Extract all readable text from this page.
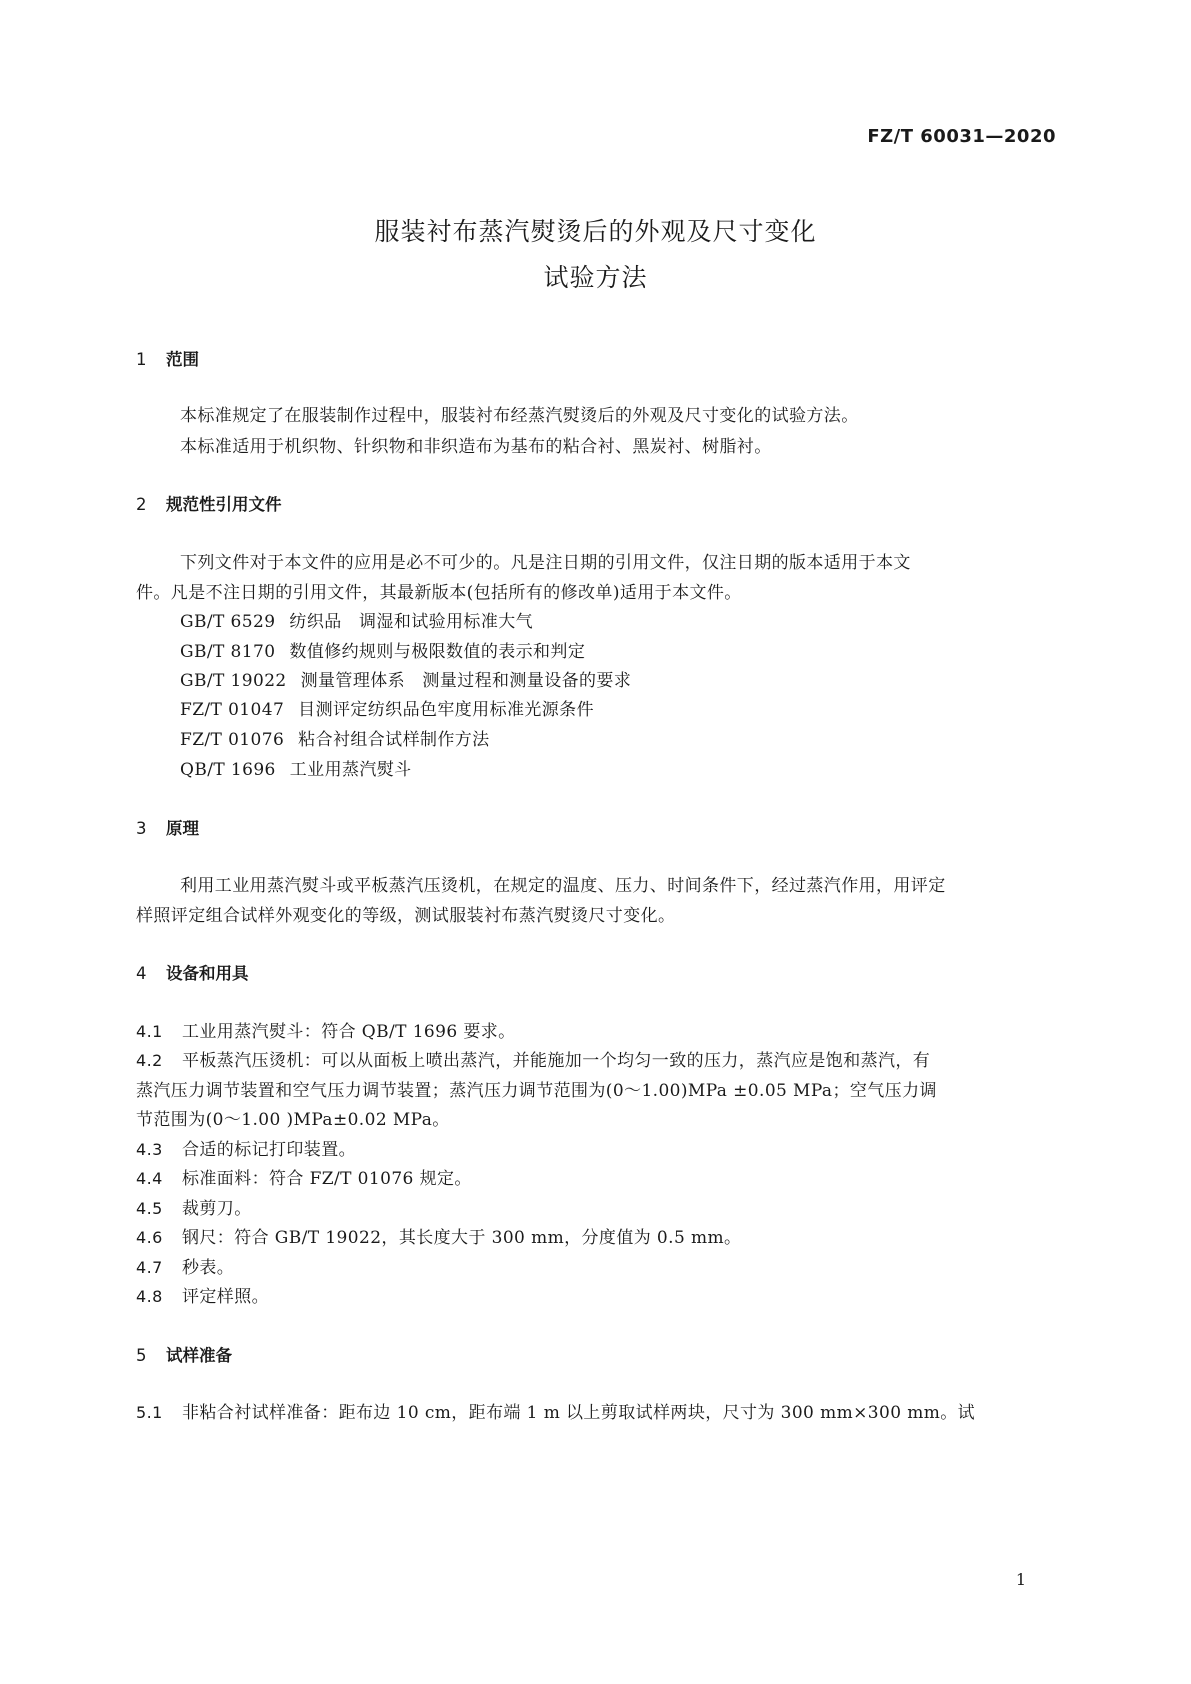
FZ/T 60031—2020
服装衬布蒸汽熨烫后的外观及尺寸变化
试验方法
1 范围
本标准规定了在服装制作过程中，服装衬布经蒸汽熨烫后的外观及尺寸变化的试验方法。
本标准适用于机织物、针织物和非织造布为基布的粘合衬、黑炭衬、树脂衬。
2 规范性引用文件
下列文件对于本文件的应用是必不可少的。凡是注日期的引用文件，仅注日期的版本适用于本文
件。凡是不注日期的引用文件，其最新版本(包括所有的修改单)适用于本文件。
GB/T 6529 纺织品　调湿和试验用标准大气
GB/T 8170 数值修约规则与极限数值的表示和判定
GB/T 19022 测量管理体系　测量过程和测量设备的要求
FZ/T 01047 目测评定纺织品色牢度用标准光源条件
FZ/T 01076 粘合衬组合试样制作方法
QB/T 1696 工业用蒸汽熨斗
3 原理
利用工业用蒸汽熨斗或平板蒸汽压烫机，在规定的温度、压力、时间条件下，经过蒸汽作用，用评定
样照评定组合试样外观变化的等级，测试服装衬布蒸汽熨烫尺寸变化。
4 设备和用具
4.1 工业用蒸汽熨斗：符合 QB/T 1696 要求。
4.2 平板蒸汽压烫机：可以从面板上喷出蒸汽，并能施加一个均匀一致的压力，蒸汽应是饱和蒸汽，有
蒸汽压力调节装置和空气压力调节装置；蒸汽压力调节范围为(0～1.00)MPa ±0.05 MPa；空气压力调
节范围为(0～1.00 )MPa±0.02 MPa。
4.3 合适的标记打印装置。
4.4 标准面料：符合 FZ/T 01076 规定。
4.5 裁剪刀。
4.6 钢尺：符合 GB/T 19022，其长度大于 300 mm，分度值为 0.5 mm。
4.7 秒表。
4.8 评定样照。
5 试样准备
5.1 非粘合衬试样准备：距布边 10 cm，距布端 1 m 以上剪取试样两块，尺寸为 300 mm×300 mm。试
1
